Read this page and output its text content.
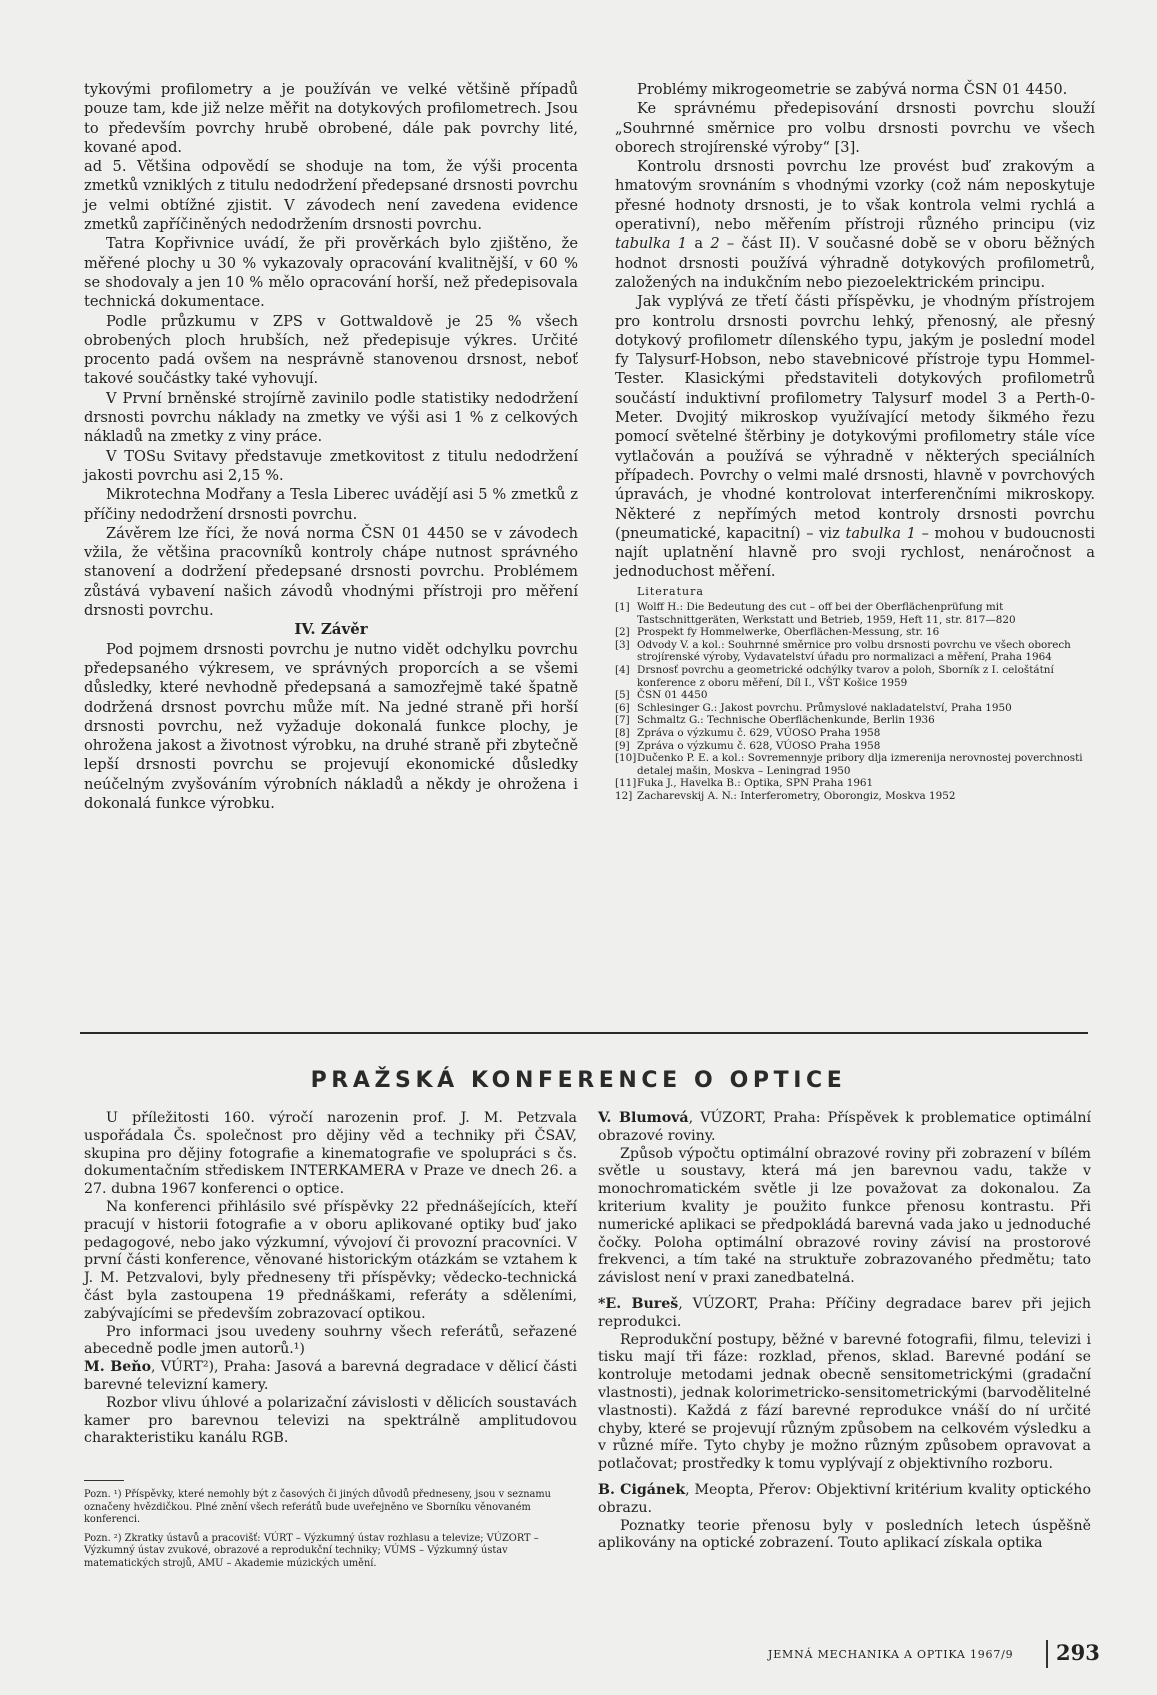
tykovými profilometry a je používán ve velké většině případů pouze tam, kde již nelze měřit na dotykových profilometrech. Jsou to především povrchy hrubě obrobené, dále pak povrchy lité, kované apod.

ad 5. Většina odpovědí se shoduje na tom, že výši procenta zmetků vzniklých z titulu nedodržení předepsané drsnosti povrchu je velmi obtížné zjistit. V závodech není zavedena evidence zmetků zapříčiněných nedodržením drsnosti povrchu.

Tatra Kopřivnice uvádí, že při prověrkách bylo zjištěno, že měřené plochy u 30 % vykazovaly opracování kvalitnější, v 60 % se shodovaly a jen 10 % mělo opracování horší, než předepisovala technická dokumentace.

Podle průzkumu v ZPS v Gottwaldově je 25 % všech obrobených ploch hrubších, než předepisuje výkres. Určité procento padá ovšem na nesprávně stanovenou drsnost, neboť takové součástky také vyhovují.

V První brněnské strojírně zavinilo podle statistiky nedodržení drsnosti povrchu náklady na zmetky ve výši asi 1 % z celkových nákladů na zmetky z viny práce.

V TOSu Svitavy představuje zmetkovitost z titulu nedodržení jakosti povrchu asi 2,15 %.

Mikrotechna Modřany a Tesla Liberec uvádějí asi 5 % zmetků z příčiny nedodržení drsnosti povrchu.

Závěrem lze říci, že nová norma ČSN 01 4450 se v závodech vžila, že většina pracovníků kontroly chápe nutnost správného stanovení a dodržení předepsané drsnosti povrchu. Problémem zůstává vybavení našich závodů vhodnými přístroji pro měření drsnosti povrchu.

IV. Závěr

Pod pojmem drsnosti povrchu je nutno vidět odchylku povrchu předepsaného výkresem, ve správných proporcích a se všemi důsledky, které nevhodně předepsaná a samozřejmě také špatně dodržená drsnost povrchu může mít. Na jedné straně při horší drsnosti povrchu, než vyžaduje dokonalá funkce plochy, je ohrožena jakost a životnost výrobku, na druhé straně při zbytečně lepší drsnosti povrchu se projevují ekonomické důsledky neúčelným zvyšováním výrobních nákladů a někdy je ohrožena i dokonalá funkce výrobku.

Problémy mikrogeometrie se zabývá norma ČSN 01 4450.

Ke správnému předepisování drsnosti povrchu slouží „Souhrnné směrnice pro volbu drsnosti povrchu ve všech oborech strojírenské výroby“ [3].

Kontrolu drsnosti povrchu lze provést buď zrakovým a hmatovým srovnáním s vhodnými vzorky (což nám neposkytuje přesné hodnoty drsnosti, je to však kontrola velmi rychlá a operativní), nebo měřením přístroji různého principu (viz tabulka 1 a 2 – část II). V současné době se v oboru běžných hodnot drsnosti používá výhradně dotykových profilometrů, založených na indukčním nebo piezoelektrickém principu.

Jak vyplývá ze třetí části příspěvku, je vhodným přístrojem pro kontrolu drsnosti povrchu lehký, přenosný, ale přesný dotykový profilometr dílenského typu, jakým je poslední model fy Talysurf-Hobson, nebo stavebnicové přístroje typu Hommel-Tester. Klasickými představiteli dotykových profilometrů součástí induktivní profilometry Talysurf model 3 a Perth-0-Meter. Dvojitý mikroskop využívající metody šikmého řezu pomocí světelné štěrbiny je dotykovými profilometry stále více vytlačován a používá se výhradně v některých speciálních případech. Povrchy o velmi malé drsnosti, hlavně v povrchových úpravách, je vhodné kontrolovat interferenčními mikroskopy. Některé z nepřímých metod kontroly drsnosti povrchu (pneumatické, kapacitní) – viz tabulka 1 – mohou v budoucnosti najít uplatnění hlavně pro svoji rychlost, nenáročnost a jednoduchost měření.

Literatura

[1] Wolff H.: Die Bedeutung des cut – off bei der Oberflächenprüfung mit Tastschnittgeräten, Werkstatt und Betrieb, 1959, Heft 11, str. 817—820
[2] Prospekt fy Hommelwerke, Oberflächen-Messung, str. 16
[3] Odvody V. a kol.: Souhrnné směrnice pro volbu drsnosti povrchu ve všech oborech strojírenské výroby, Vydavatelství úřadu pro normalizaci a měření, Praha 1964
[4] Drsnosť povrchu a geometrické odchýlky tvarov a poloh, Sborník z I. celoštátní konference z oboru měření, Díl I., VŠT Košice 1959
[5] ČSN 01 4450
[6] Schlesinger G.: Jakost povrchu. Průmyslové nakladatelství, Praha 1950
[7] Schmaltz G.: Technische Oberflächenkunde, Berlin 1936
[8] Zpráva o výzkumu č. 629, VÚOSO Praha 1958
[9] Zpráva o výzkumu č. 628, VÚOSO Praha 1958
[10] Dučenko P. E. a kol.: Sovremennyje pribory dlja izmerenija nerovnostej poverchnosti detalej mašin, Moskva – Leningrad 1950
[11] Fuka J., Havelka B.: Optika, SPN Praha 1961
12] Zacharevskij A. N.: Interferometry, Oborongiz, Moskva 1952
PRAŽSKÁ KONFERENCE O OPTICE

U příležitosti 160. výročí narozenin prof. J. M. Petzvala uspořádala Čs. společnost pro dějiny věd a techniky při ČSAV, skupina pro dějiny fotografie a kinematografie ve spolupráci s čs. dokumentačním střediskem INTERKAMERA v Praze ve dnech 26. a 27. dubna 1967 konferenci o optice.

Na konferenci přihlásilo své příspěvky 22 přednášejících, kteří pracují v historii fotografie a v oboru aplikované optiky buď jako pedagogové, nebo jako výzkumní, vývojoví či provozní pracovníci. V první části konference, věnované historickým otázkám se vztahem k J. M. Petzvalovi, byly předneseny tři příspěvky; vědecko-technická část byla zastoupena 19 přednáškami, referáty a sděleními, zabývajícími se především zobrazovací optikou.

Pro informaci jsou uvedeny souhrny všech referátů, seřazené abecedně podle jmen autorů.¹)

M. Beňo, VÚRT²), Praha: Jasová a barevná degradace v dělicí části barevné televizní kamery.

Rozbor vlivu úhlové a polarizační závislosti v dělicích soustavách kamer pro barevnou televizi na spektrálně amplitudovou charakteristiku kanálu RGB.

Pozn. ¹) Příspěvky, které nemohly být z časových či jiných důvodů předneseny, jsou v seznamu označeny hvězdičkou. Plné znění všech referátů bude uveřejněno ve Sborníku věnovaném konferenci.

Pozn. ²) Zkratky ústavů a pracovišť: VÚRT – Výzkumný ústav rozhlasu a televize; VÚZORT – Výzkumný ústav zvukové, obrazové a reprodukční techniky; VÚMS – Výzkumný ústav matematických strojů, AMU – Akademie múzických umění.

V. Blumová, VÚZORT, Praha: Příspěvek k problematice optimální obrazové roviny.

Způsob výpočtu optimální obrazové roviny při zobrazení v bílém světle u soustavy, která má jen barevnou vadu, takže v monochromatickém světle ji lze považovat za dokonalou. Za kriterium kvality je použito funkce přenosu kontrastu. Při numerické aplikaci se předpokládá barevná vada jako u jednoduché čočky. Poloha optimální obrazové roviny závisí na prostorové frekvenci, a tím také na struktuře zobrazovaného předmětu; tato závislost není v praxi zanedbatelná.

*E. Bureš, VÚZORT, Praha: Příčiny degradace barev při jejich reprodukci.

Reprodukční postupy, běžné v barevné fotografii, filmu, televizi i tisku mají tři fáze: rozklad, přenos, sklad. Barevné podání se kontroluje metodami jednak obecně sensitometrickými (gradační vlastnosti), jednak kolorimetricko-sensitometrickými (barvodělitelné vlastnosti). Každá z fází barevné reprodukce vnáší do ní určité chyby, které se projevují různým způsobem na celkovém výsledku a v různé míře. Tyto chyby je možno různým způsobem opravovat a potlačovat; prostředky k tomu vyplývají z objektivního rozboru.

B. Cigánek, Meopta, Přerov: Objektivní kritérium kvality optického obrazu.

Poznatky teorie přenosu byly v posledních letech úspěšně aplikovány na optické zobrazení. Touto aplikací získala optika

JEMNÁ MECHANIKA A OPTIKA 1967/9 293
